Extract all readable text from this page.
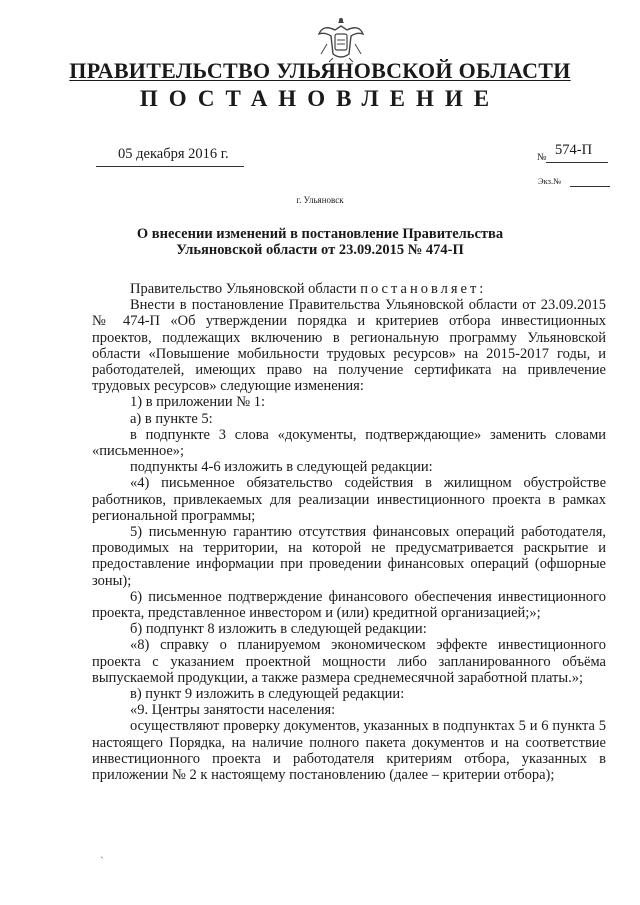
ПРАВИТЕЛЬСТВО УЛЬЯНОВСКОЙ ОБЛАСТИ
ПОСТАНОВЛЕНИЕ
05 декабря 2016 г.	№ 574-П
Экз.№
г. Ульяновск
О внесении изменений в постановление Правительства
Ульяновской области от 23.09.2015 № 474-П

Правительство Ульяновской области постановляет:

Внести в постановление Правительства Ульяновской области от 23.09.2015 № 474-П «Об утверждении порядка и критериев отбора инвестиционных проектов, подлежащих включению в региональную программу Ульяновской области «Повышение мобильности трудовых ресурсов» на 2015-2017 годы, и работодателей, имеющих право на получение сертификата на привлечение трудовых ресурсов» следующие изменения:

1) в приложении № 1:

а) в пункте 5:

в подпункте 3 слова «документы, подтверждающие» заменить словами «письменное»;

подпункты 4-6 изложить в следующей редакции:

«4) письменное обязательство содействия в жилищном обустройстве работников, привлекаемых для реализации инвестиционного проекта в рамках региональной программы;

5) письменную гарантию отсутствия финансовых операций работодателя, проводимых на территории, на которой не предусматривается раскрытие и предоставление информации при проведении финансовых операций (офшорные зоны);

6) письменное подтверждение финансового обеспечения инвестиционного проекта, представленное инвестором и (или) кредитной организацией;»;

б) подпункт 8 изложить в следующей редакции:

«8) справку о планируемом экономическом эффекте инвестиционного проекта с указанием проектной мощности либо запланированного объёма выпускаемой продукции, а также размера среднемесячной заработной платы.»;

в) пункт 9 изложить в следующей редакции:

«9. Центры занятости населения:

осуществляют проверку документов, указанных в подпунктах 5 и 6 пункта 5 настоящего Порядка, на наличие полного пакета документов и на соответствие инвестиционного проекта и работодателя критериям отбора, указанных в приложении № 2 к настоящему постановлению (далее – критерии отбора);

ˏ
